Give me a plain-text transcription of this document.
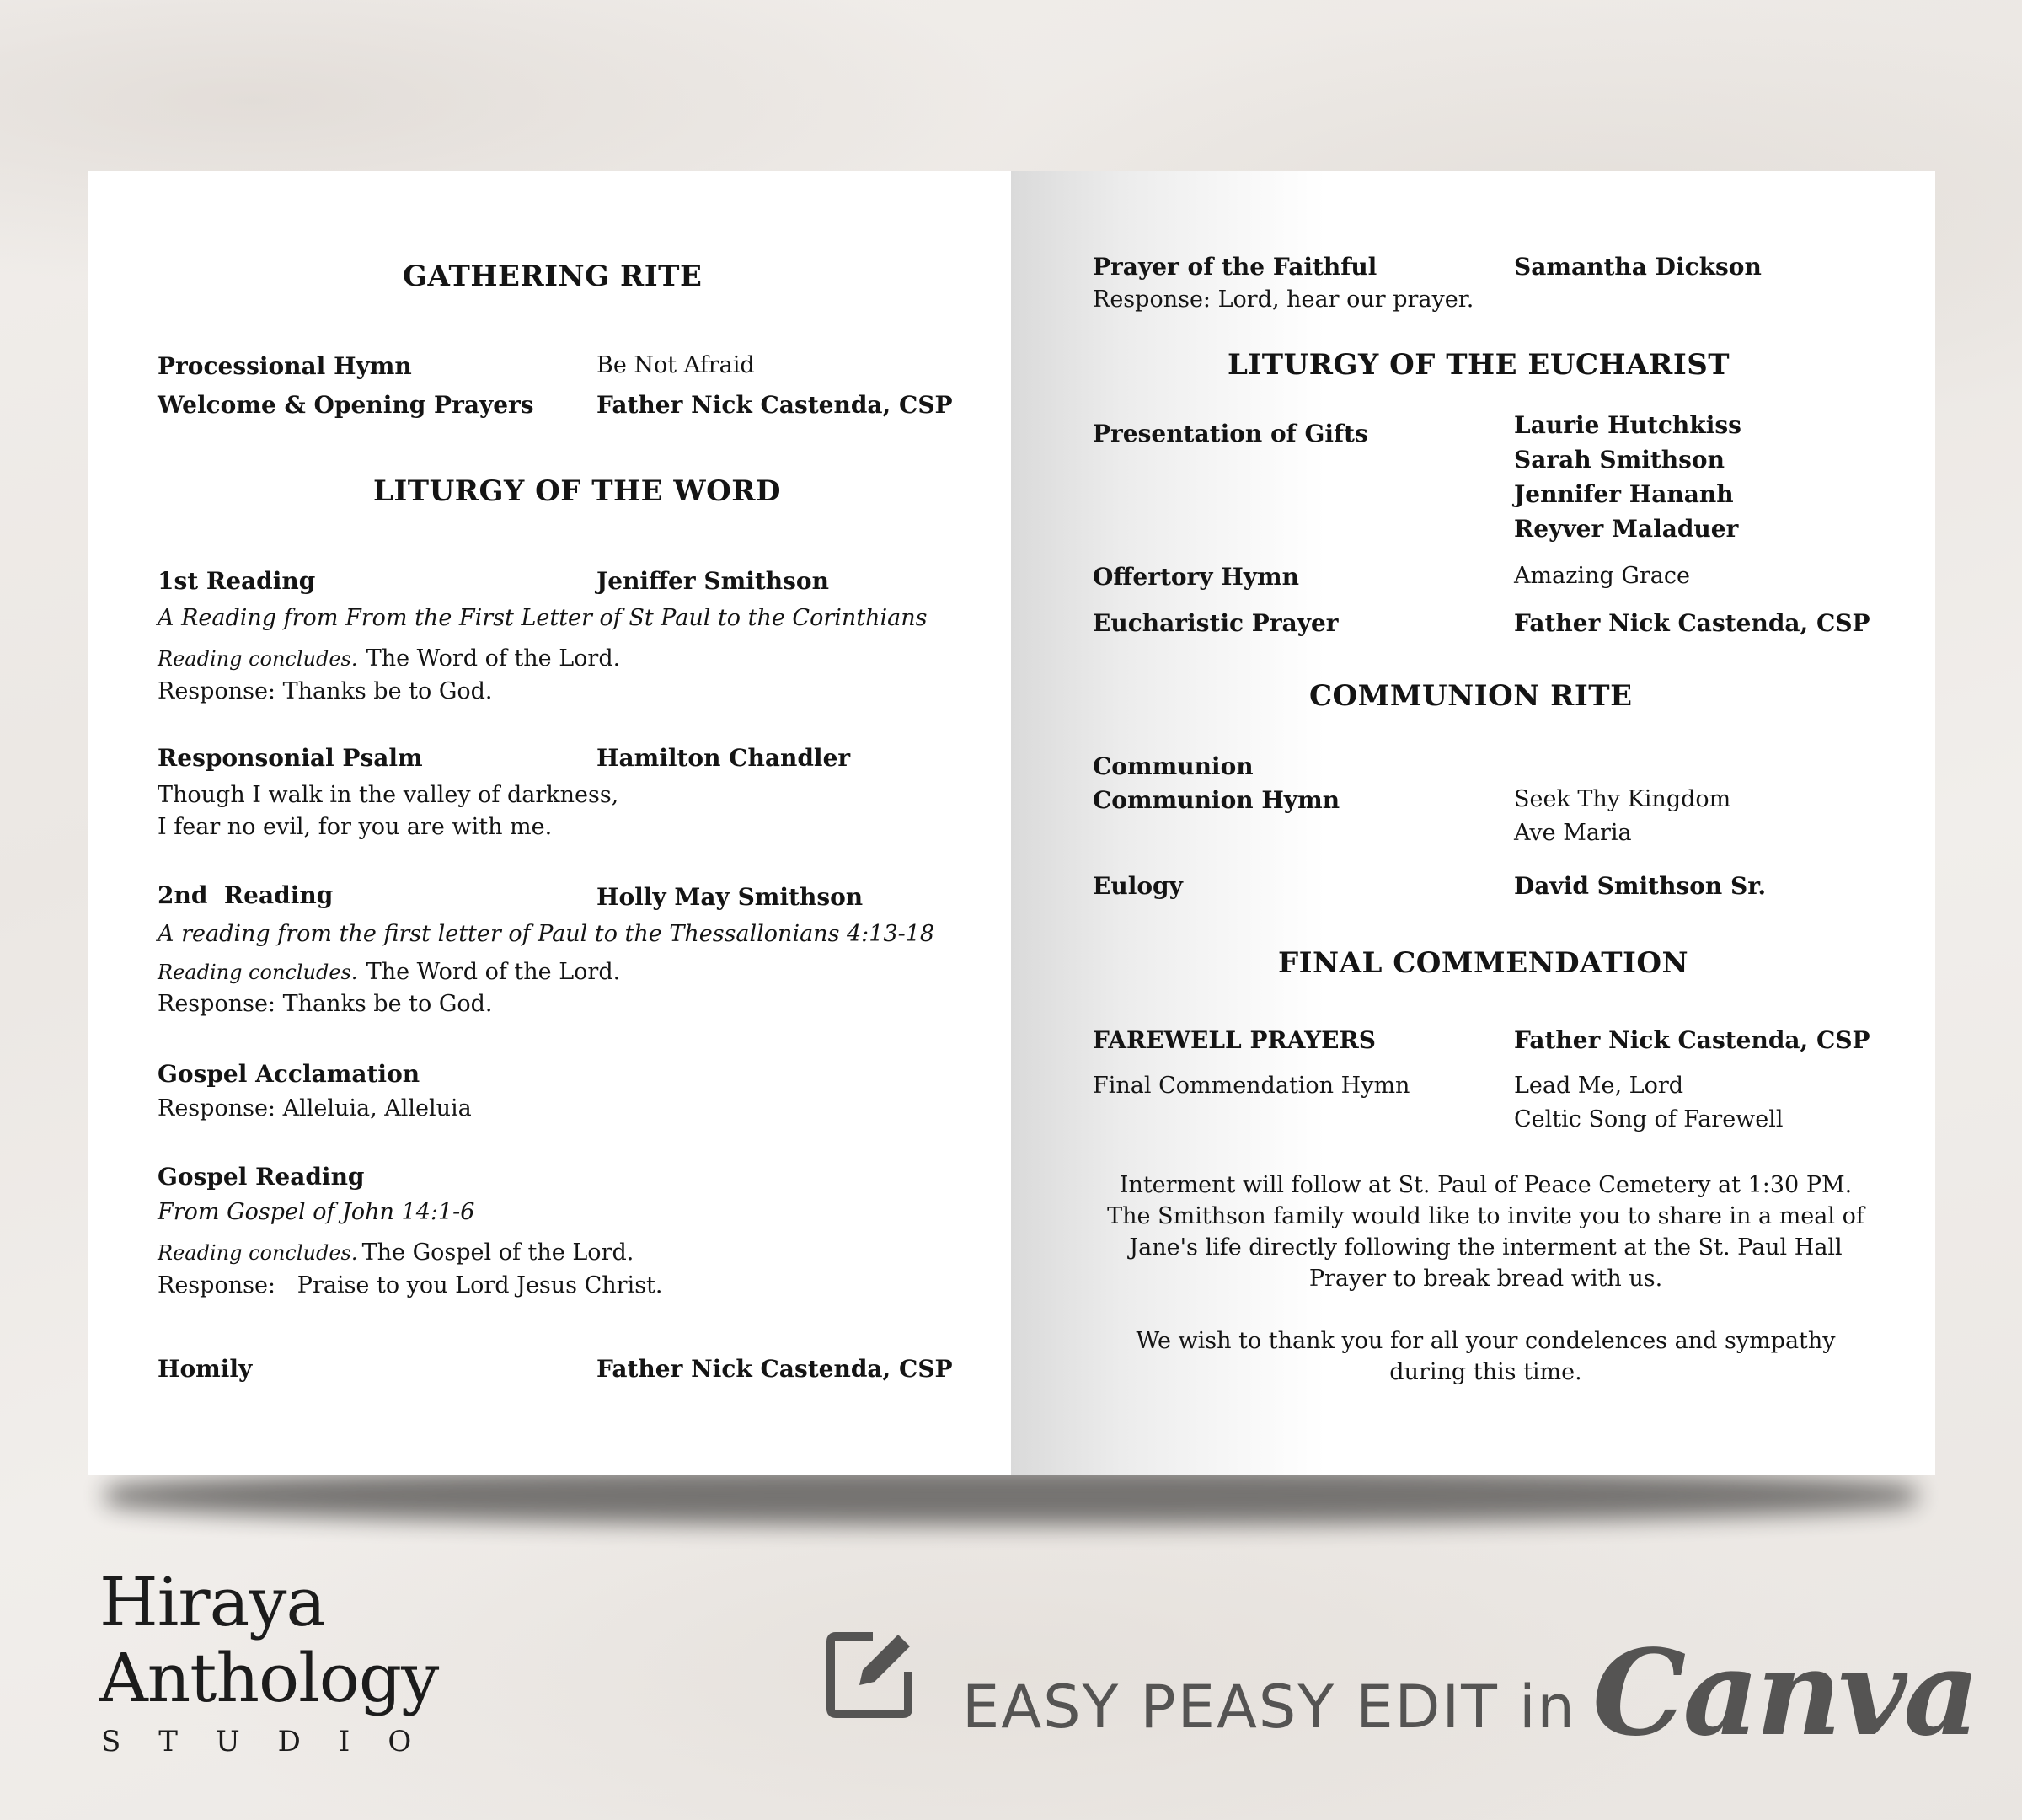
GATHERING RITE
Processional Hymn	Be Not Afraid
Welcome & Opening Prayers	Father Nick Castenda, CSP
LITURGY OF THE WORD
1st Reading	Jeniffer Smithson
A Reading from From the First Letter of St Paul to the Corinthians
Reading concludes. The Word of the Lord.
Response: Thanks be to God.
Responsonial Psalm	Hamilton Chandler
Though I walk in the valley of darkness,
I fear no evil, for you are with me.
2nd  Reading	Holly May Smithson
A reading from the first letter of Paul to the Thessallonians 4:13-18
Reading concludes. The Word of the Lord.
Response: Thanks be to God.
Gospel Acclamation
Response: Alleluia, Alleluia
Gospel Reading
From Gospel of John 14:1-6
Reading concludes. The Gospel of the Lord.
Response:   Praise to you Lord Jesus Christ.
Homily	Father Nick Castenda, CSP
Prayer of the Faithful	Samantha Dickson
Response: Lord, hear our prayer.
LITURGY OF THE EUCHARIST
Presentation of Gifts	Laurie Hutchkiss
Sarah Smithson
Jennifer Hananh
Reyver Maladuer
Offertory Hymn	Amazing Grace
Eucharistic Prayer	Father Nick Castenda, CSP
COMMUNION RITE
Communion
Communion Hymn	Seek Thy Kingdom
Ave Maria
Eulogy	David Smithson Sr.
FINAL COMMENDATION
FAREWELL PRAYERS	Father Nick Castenda, CSP
Final Commendation Hymn	Lead Me, Lord
Celtic Song of Farewell
Interment will follow at St. Paul of Peace Cemetery at 1:30 PM.
The Smithson family would like to invite you to share in a meal of
Jane's life directly following the interment at the St. Paul Hall
Prayer to break bread with us.
We wish to thank you for all your condelences and sympathy
during this time.
Hiraya
Anthology
STUDIO	EASY PEASY EDIT in Canva
